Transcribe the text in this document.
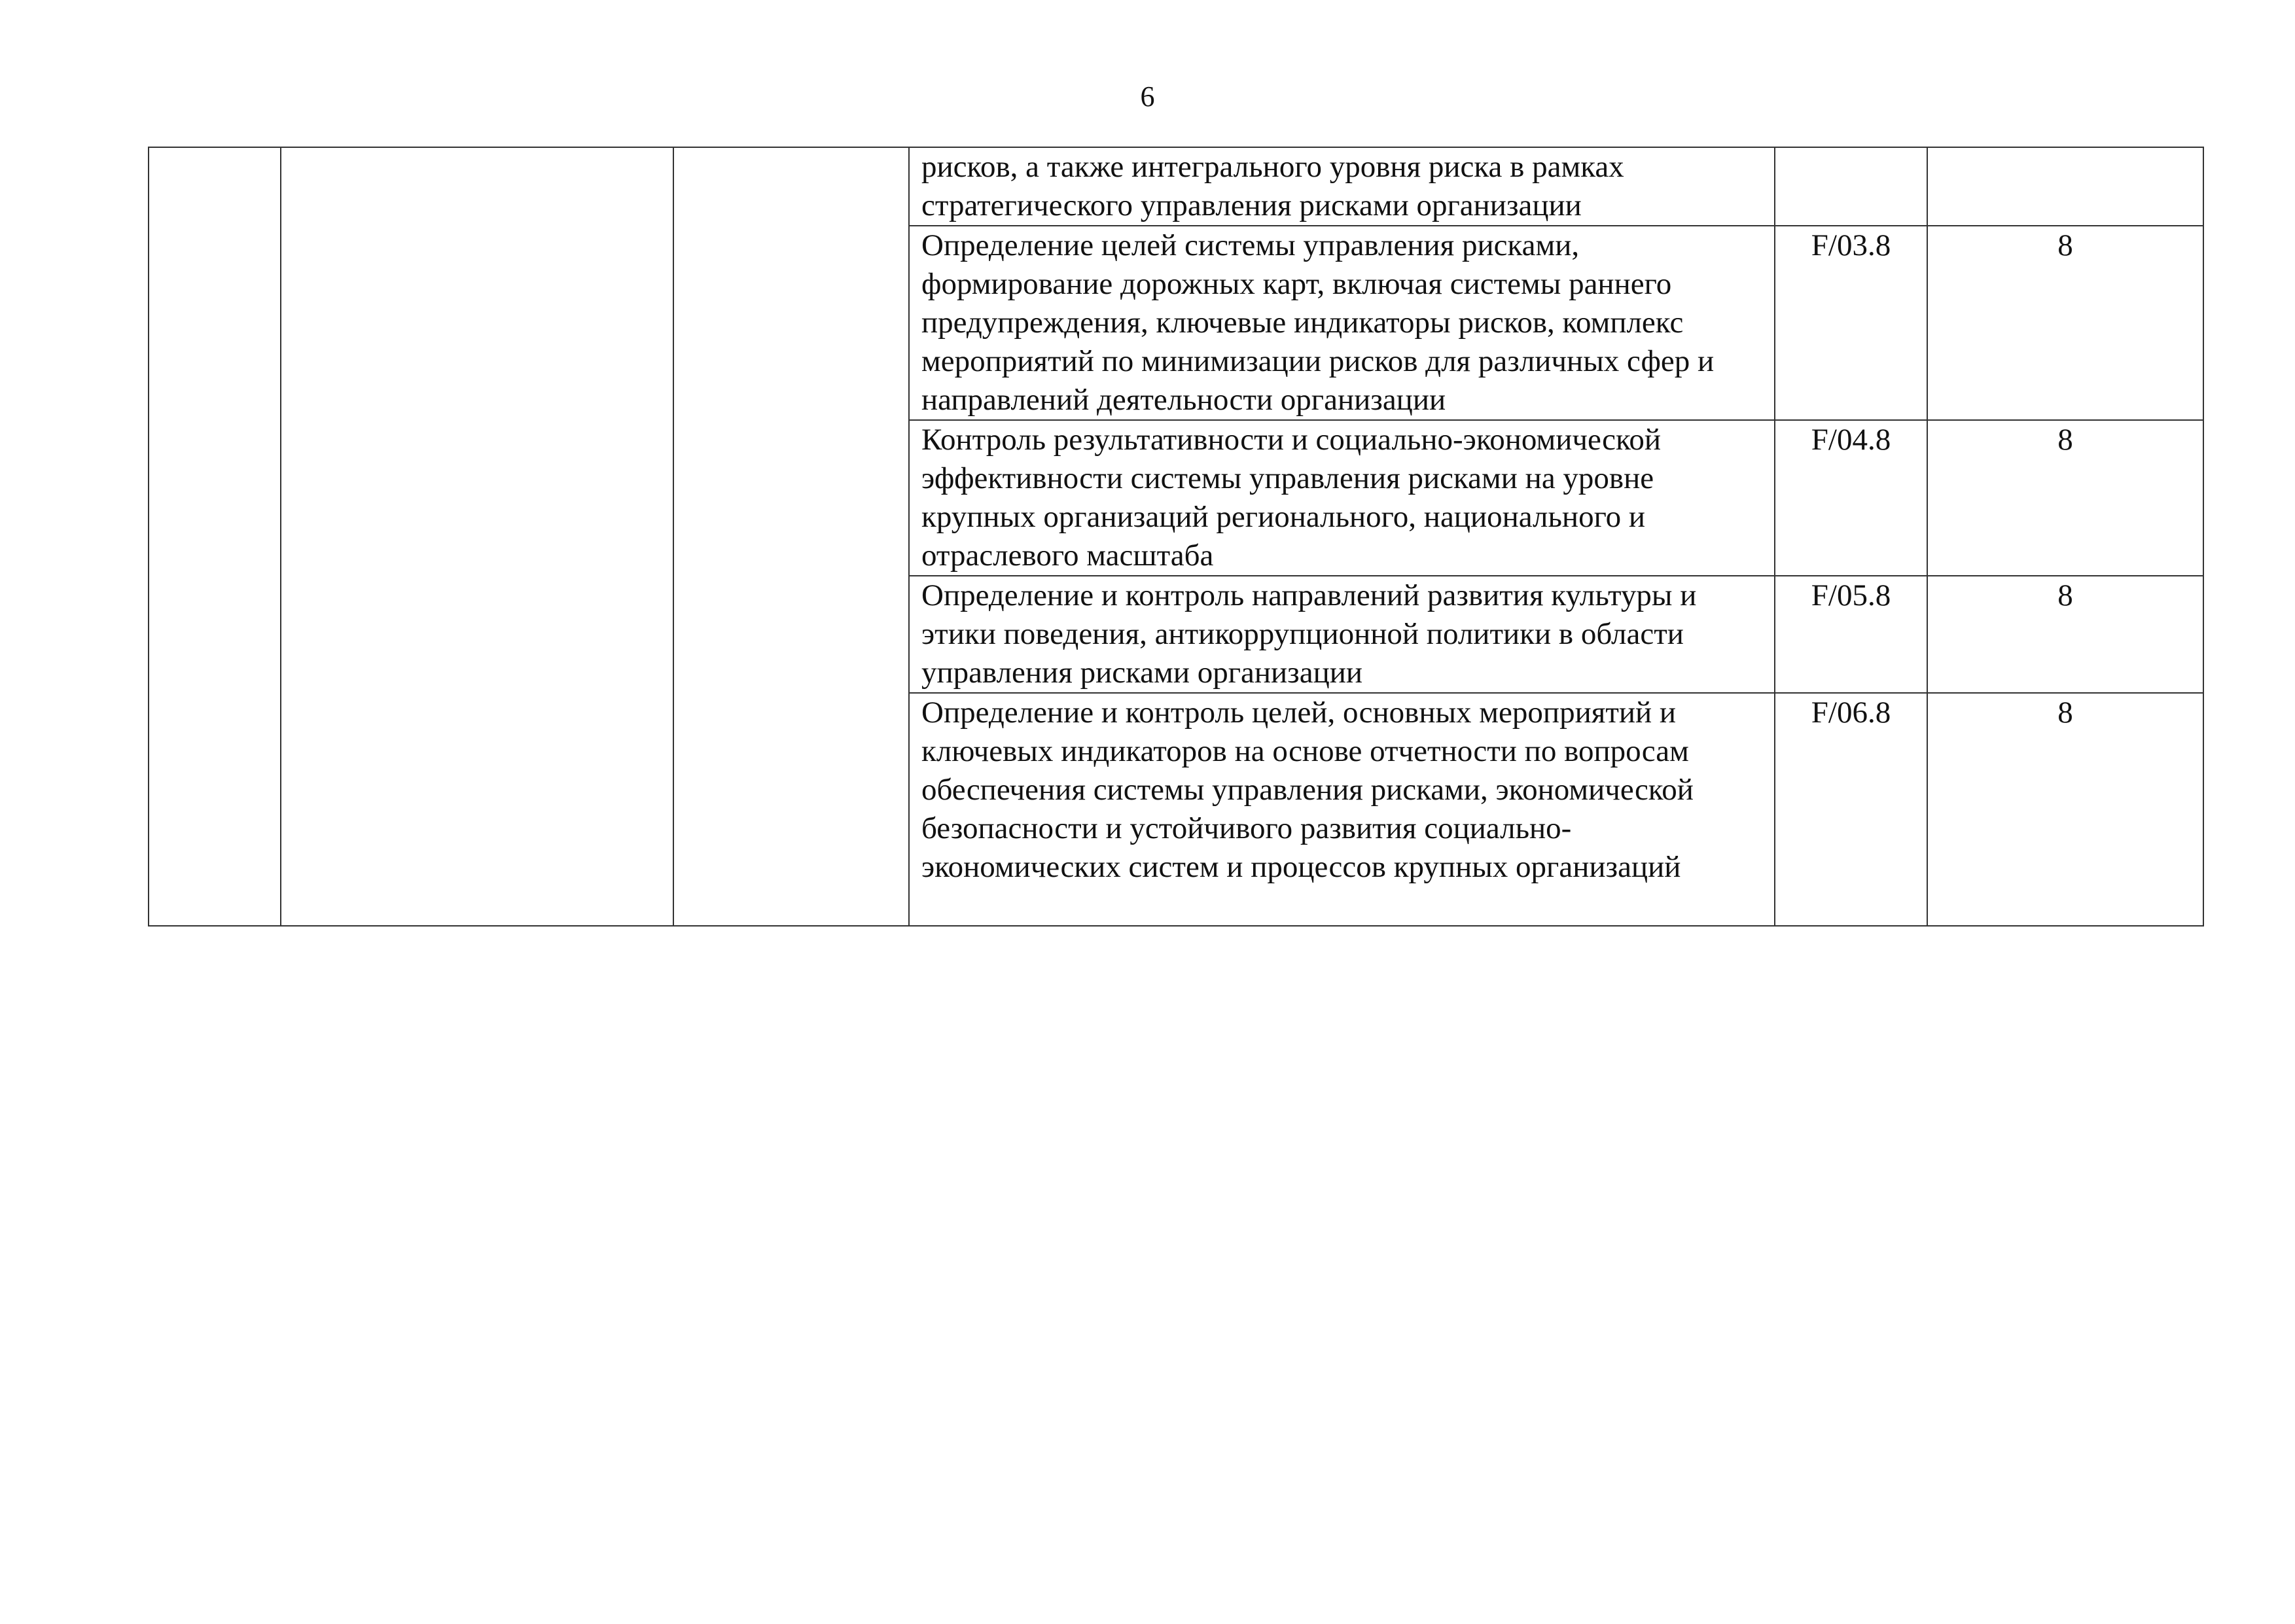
6
			рисков, а также интегрального уровня риска в рамках стратегического управления рисками организации		
			Определение целей системы управления рисками, формирование дорожных карт, включая системы раннего предупреждения, ключевые индикаторы рисков, комплекс мероприятий по минимизации рисков для различных сфер и направлений деятельности организации	F/03.8	8
			Контроль результативности и социально-экономической эффективности системы управления рисками на уровне крупных организаций регионального, национального и отраслевого масштаба	F/04.8	8
			Определение и контроль направлений развития культуры и этики поведения, антикоррупционной политики в области управления рисками организации	F/05.8	8
			Определение и контроль целей, основных мероприятий и ключевых индикаторов на основе отчетности по вопросам обеспечения системы управления рисками, экономической безопасности и устойчивого развития социально-экономических систем и процессов крупных организаций	F/06.8	8
